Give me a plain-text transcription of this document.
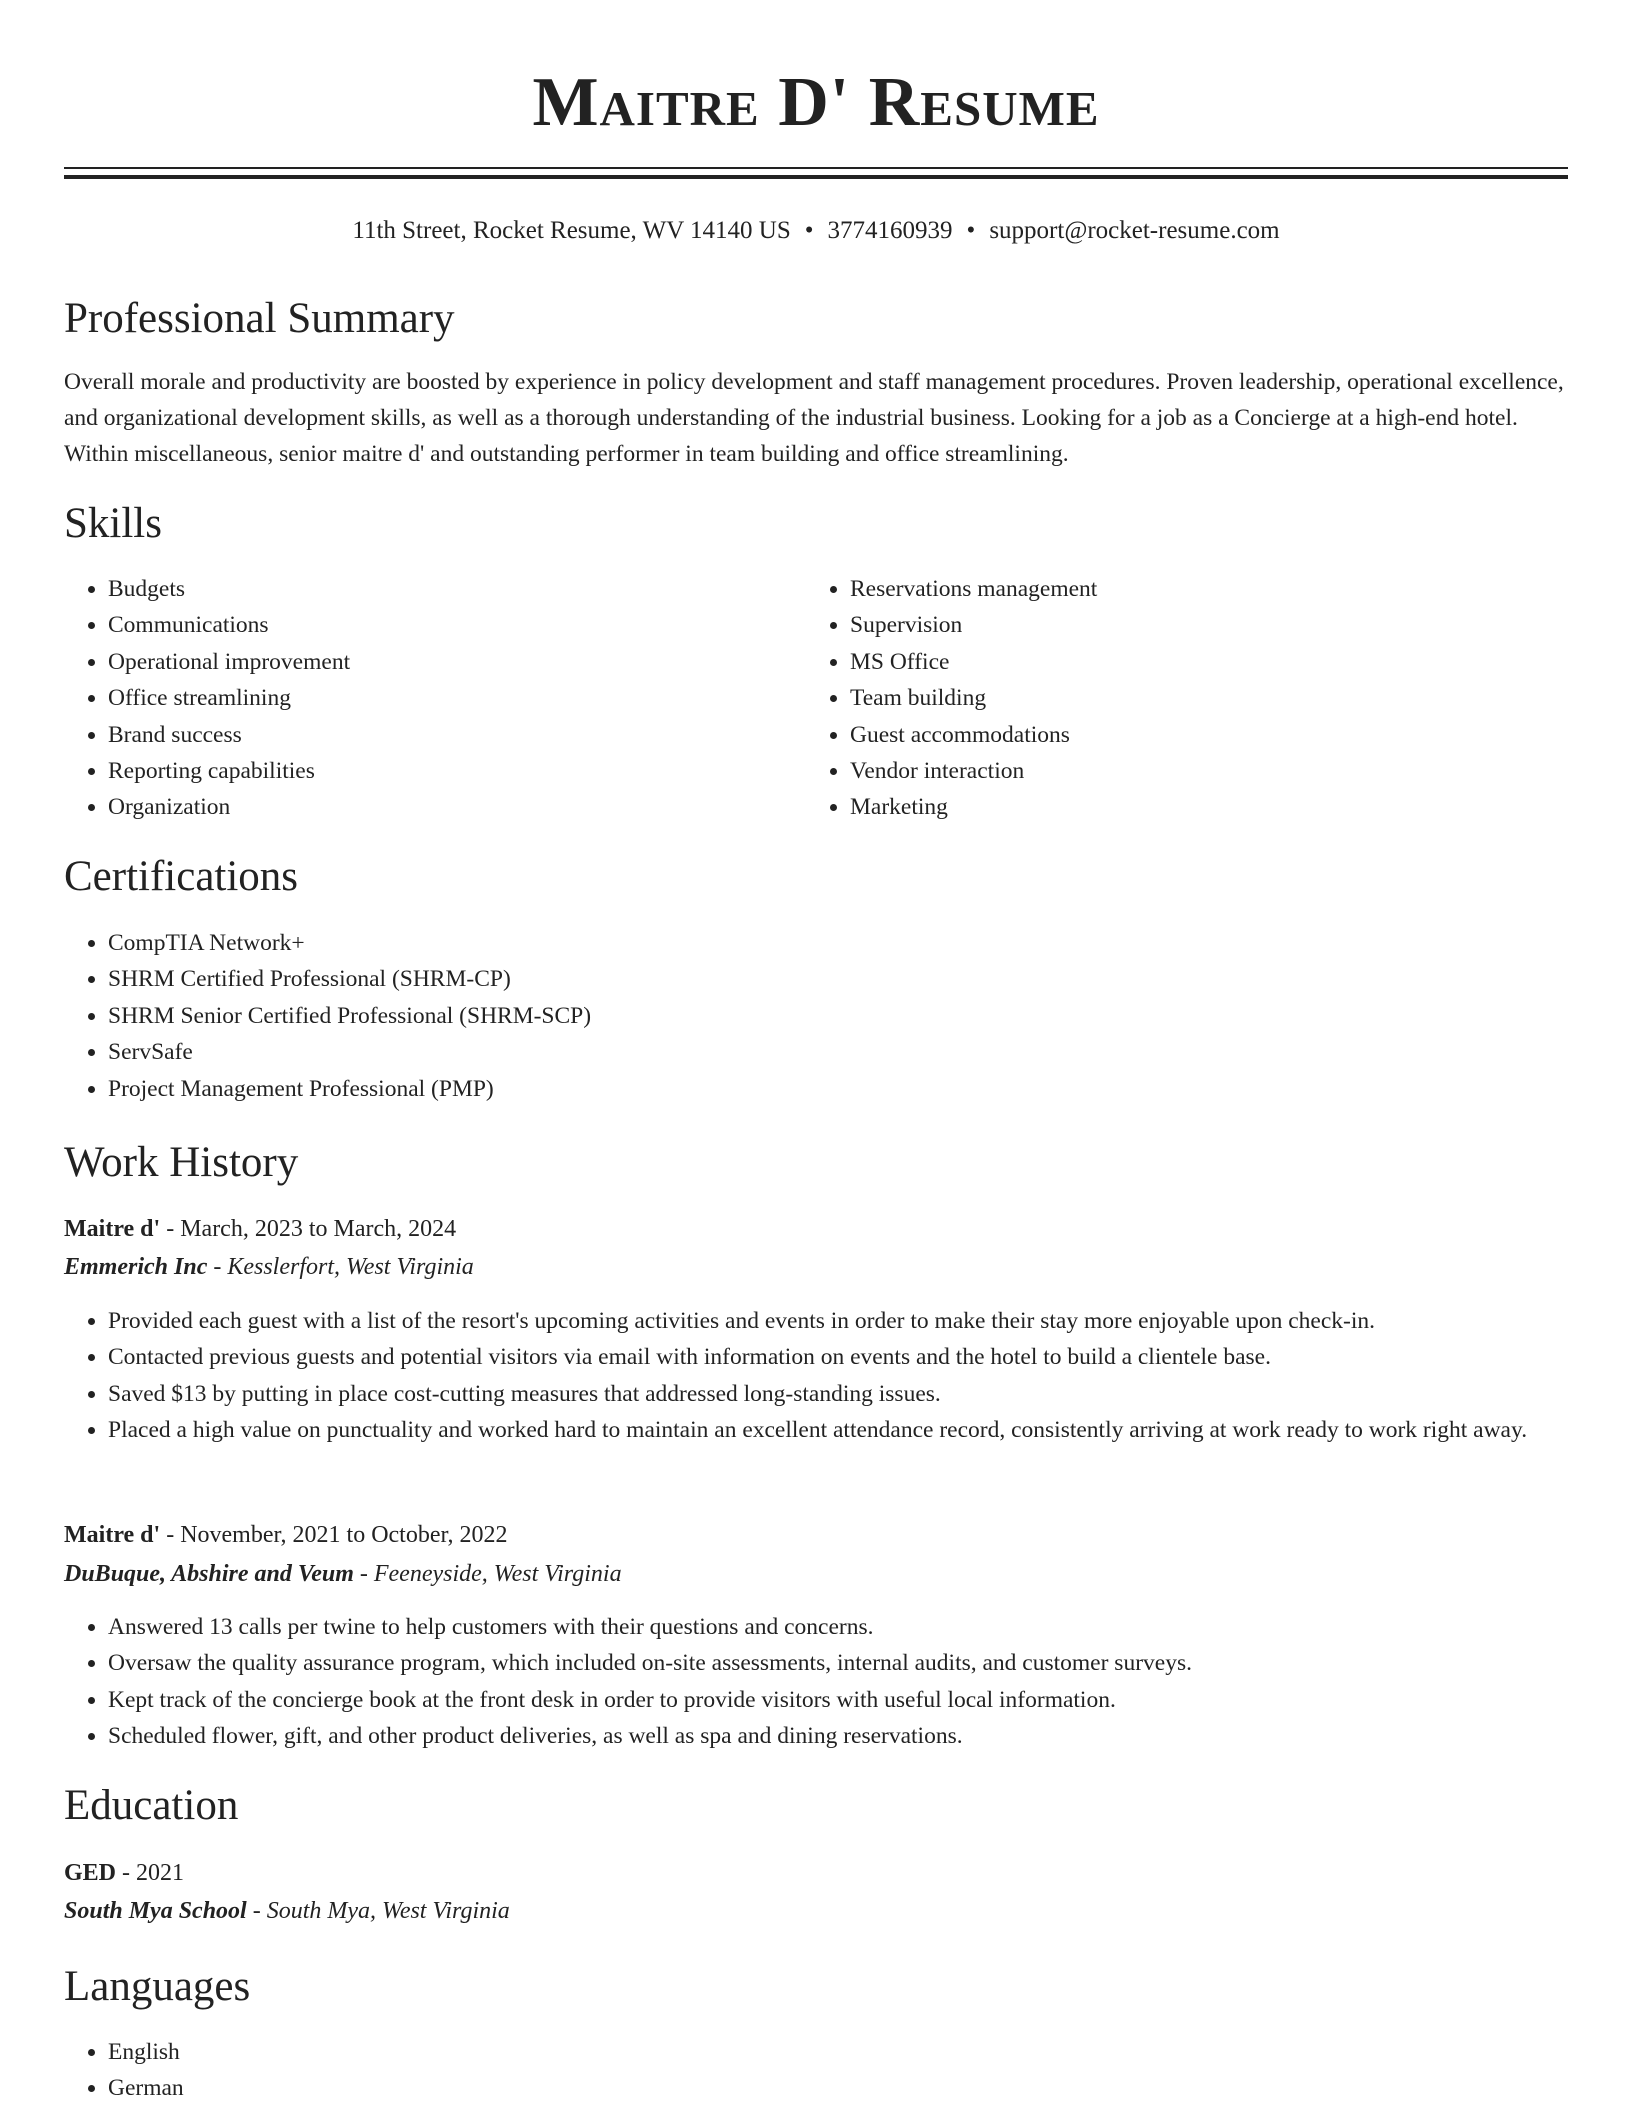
Maitre D' Resume
11th Street, Rocket Resume, WV 14140 US • 3774160939 • support@rocket-resume.com
Professional Summary

Overall morale and productivity are boosted by experience in policy development and staff management procedures. Proven leadership, operational excellence, and organizational development skills, as well as a thorough understanding of the industrial business. Looking for a job as a Concierge at a high-end hotel. Within miscellaneous, senior maitre d' and outstanding performer in team building and office streamlining.

Skills
• Budgets
• Communications
• Operational improvement
• Office streamlining
• Brand success
• Reporting capabilities
• Organization
• Reservations management
• Supervision
• MS Office
• Team building
• Guest accommodations
• Vendor interaction
• Marketing
Certifications
• CompTIA Network+
• SHRM Certified Professional (SHRM-CP)
• SHRM Senior Certified Professional (SHRM-SCP)
• ServSafe
• Project Management Professional (PMP)
Work History
Maitre d' - March, 2023 to March, 2024
Emmerich Inc - Kesslerfort, West Virginia
• Provided each guest with a list of the resort's upcoming activities and events in order to make their stay more enjoyable upon check-in.
• Contacted previous guests and potential visitors via email with information on events and the hotel to build a clientele base.
• Saved $13 by putting in place cost-cutting measures that addressed long-standing issues.
• Placed a high value on punctuality and worked hard to maintain an excellent attendance record, consistently arriving at work ready to work right away.
Maitre d' - November, 2021 to October, 2022
DuBuque, Abshire and Veum - Feeneyside, West Virginia
• Answered 13 calls per twine to help customers with their questions and concerns.
• Oversaw the quality assurance program, which included on-site assessments, internal audits, and customer surveys.
• Kept track of the concierge book at the front desk in order to provide visitors with useful local information.
• Scheduled flower, gift, and other product deliveries, as well as spa and dining reservations.
Education
GED - 2021
South Mya School - South Mya, West Virginia
Languages
• English
• German
